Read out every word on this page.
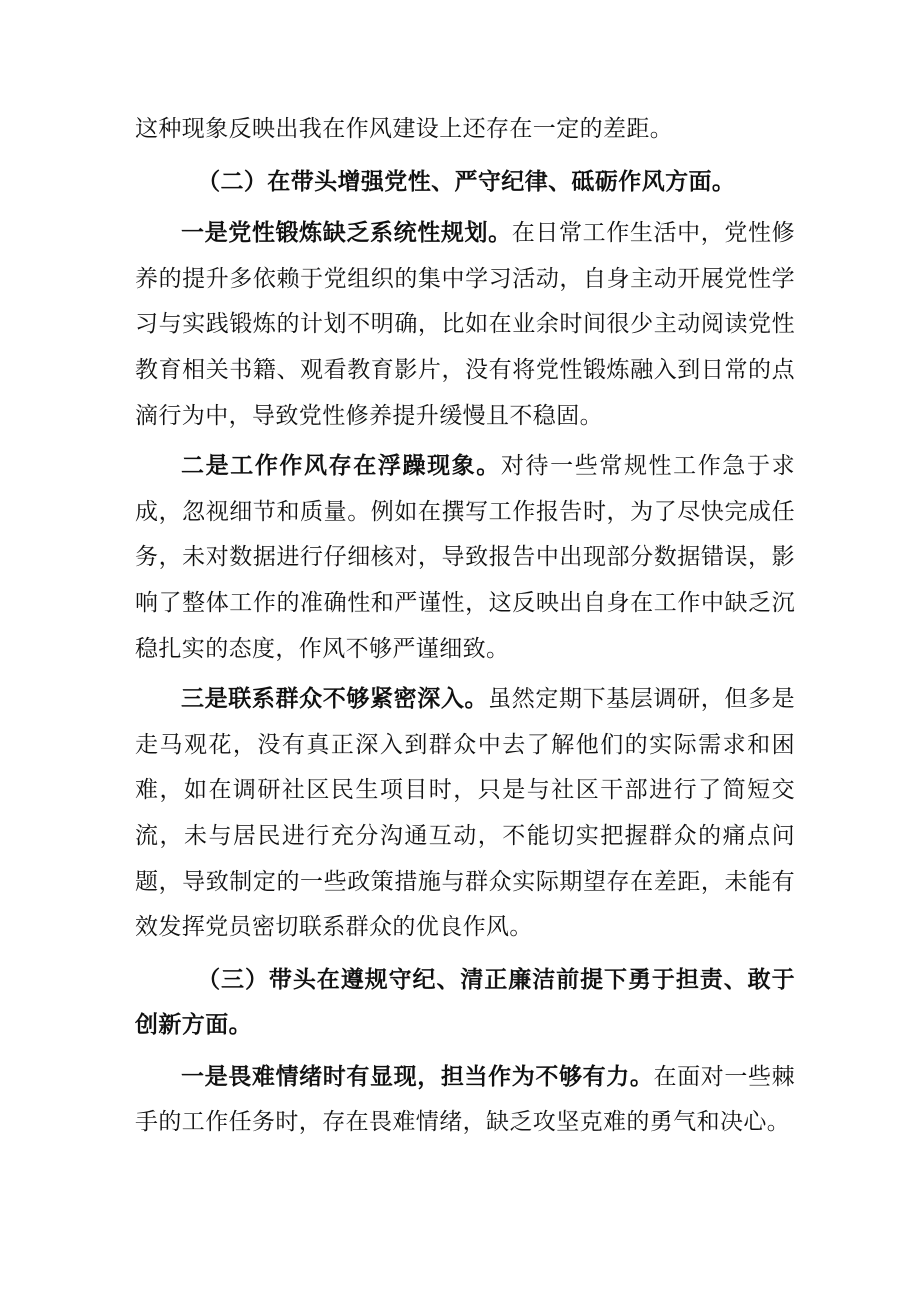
这种现象反映出我在作风建设上还存在一定的差距。

（二）在带头增强党性、严守纪律、砥砺作风方面。

一是党性锻炼缺乏系统性规划。在日常工作生活中，党性修养的提升多依赖于党组织的集中学习活动，自身主动开展党性学习与实践锻炼的计划不明确，比如在业余时间很少主动阅读党性教育相关书籍、观看教育影片，没有将党性锻炼融入到日常的点滴行为中，导致党性修养提升缓慢且不稳固。

二是工作作风存在浮躁现象。对待一些常规性工作急于求成，忽视细节和质量。例如在撰写工作报告时，为了尽快完成任务，未对数据进行仔细核对，导致报告中出现部分数据错误，影响了整体工作的准确性和严谨性，这反映出自身在工作中缺乏沉稳扎实的态度，作风不够严谨细致。

三是联系群众不够紧密深入。虽然定期下基层调研，但多是走马观花，没有真正深入到群众中去了解他们的实际需求和困难，如在调研社区民生项目时，只是与社区干部进行了简短交流，未与居民进行充分沟通互动，不能切实把握群众的痛点问题，导致制定的一些政策措施与群众实际期望存在差距，未能有效发挥党员密切联系群众的优良作风。

（三）带头在遵规守纪、清正廉洁前提下勇于担责、敢于创新方面。

一是畏难情绪时有显现，担当作为不够有力。在面对一些棘手的工作任务时，存在畏难情绪，缺乏攻坚克难的勇气和决心。
